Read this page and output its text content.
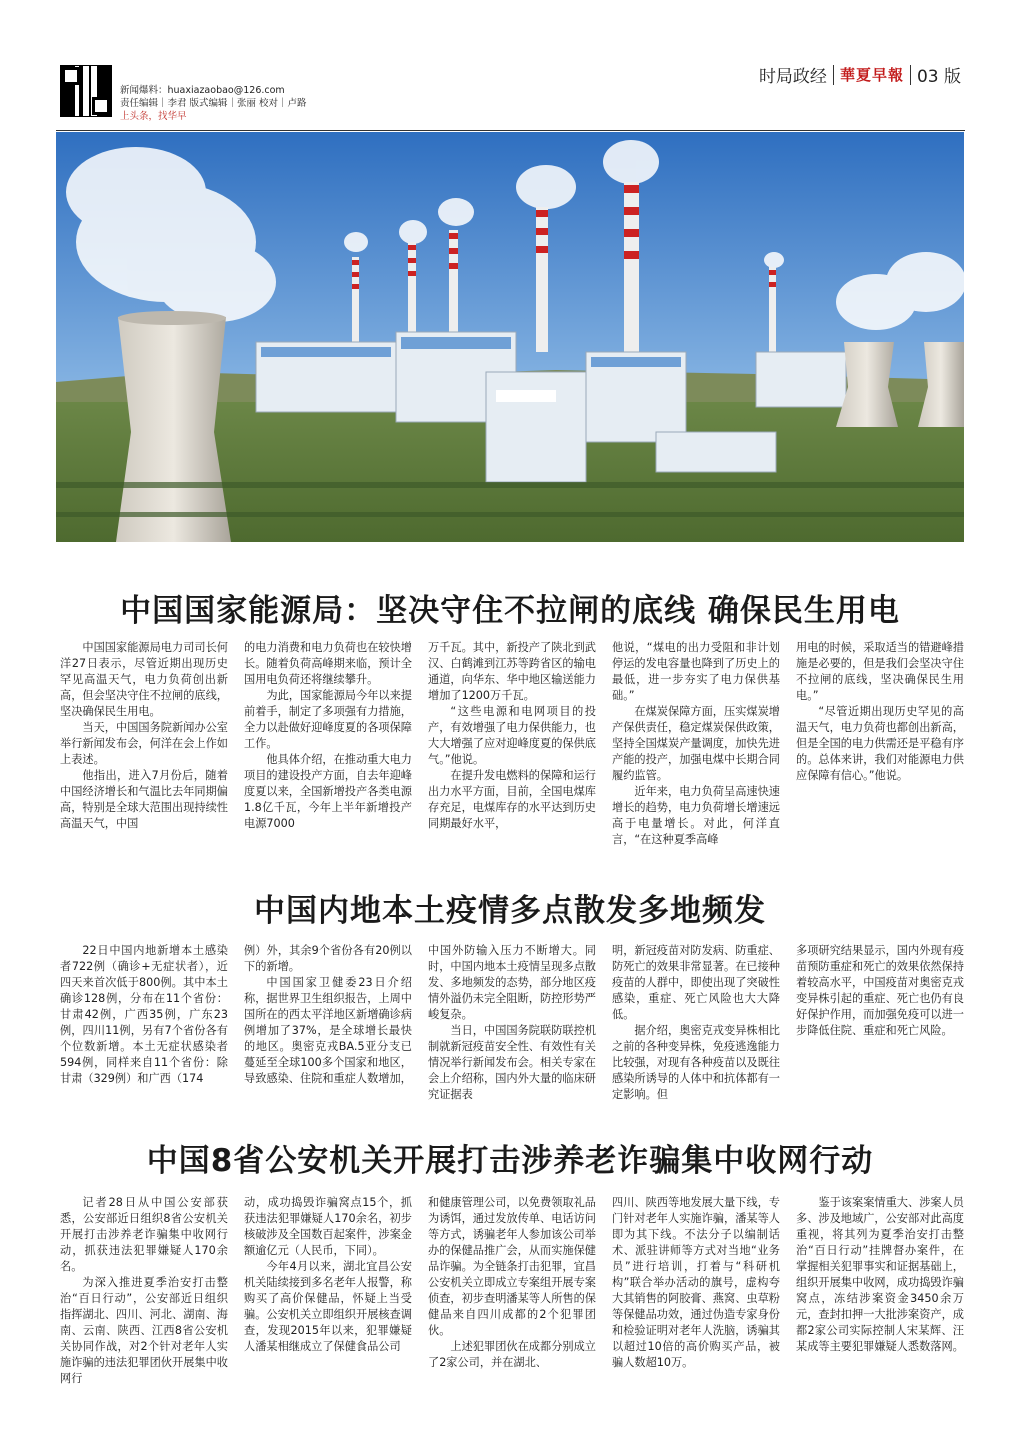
新闻爆料：huaxiazaobao@126.com
责任编辑｜李君 版式编辑｜张丽 校对｜卢路
上头条，找华早
时局政经 華夏早報 03 版
中国国家能源局：坚决守住不拉闸的底线 确保民生用电

中国国家能源局电力司司长何洋27日表示，尽管近期出现历史罕见高温天气，电力负荷创出新高，但会坚决守住不拉闸的底线，坚决确保民生用电。

当天，中国国务院新闻办公室举行新闻发布会，何洋在会上作如上表述。

他指出，进入7月份后，随着中国经济增长和气温比去年同期偏高，特别是全球大范围出现持续性高温天气，中国

的电力消费和电力负荷也在较快增长。随着负荷高峰期来临，预计全国用电负荷还将继续攀升。

为此，国家能源局今年以来提前着手，制定了多项强有力措施，全力以赴做好迎峰度夏的各项保障工作。

他具体介绍，在推动重大电力项目的建设投产方面，自去年迎峰度夏以来，全国新增投产各类电源1.8亿千瓦，今年上半年新增投产电源7000

万千瓦。其中，新投产了陕北到武汉、白鹤滩到江苏等跨省区的输电通道，向华东、华中地区输送能力增加了1200万千瓦。

“这些电源和电网项目的投产，有效增强了电力保供能力，也大大增强了应对迎峰度夏的保供底气。”他说。

在提升发电燃料的保障和运行出力水平方面，目前，全国电煤库存充足，电煤库存的水平达到历史同期最好水平，

他说，“煤电的出力受阻和非计划停运的发电容量也降到了历史上的最低，进一步夯实了电力保供基础。”

在煤炭保障方面，压实煤炭增产保供责任，稳定煤炭保供政策，坚持全国煤炭产量调度，加快先进产能的投产，加强电煤中长期合同履约监管。

近年来，电力负荷呈高速快速增长的趋势，电力负荷增长增速远高于电量增长。对此，何洋直言，“在这种夏季高峰

用电的时候，采取适当的错避峰措施是必要的，但是我们会坚决守住不拉闸的底线，坚决确保民生用电。”

“尽管近期出现历史罕见的高温天气，电力负荷也都创出新高，但是全国的电力供需还是平稳有序的。总体来讲，我们对能源电力供应保障有信心。”他说。

中国内地本土疫情多点散发多地频发

22日中国内地新增本土感染者722例（确诊+无症状者），近四天来首次低于800例。其中本土确诊128例，分布在11个省份：甘肃42例，广西35例，广东23例，四川11例，另有7个省份各有个位数新增。本土无症状感染者594例，同样来自11个省份：除甘肃（329例）和广西（174

例）外，其余9个省份各有20例以下的新增。

中国国家卫健委23日介绍称，据世界卫生组织报告，上周中国所在的西太平洋地区新增确诊病例增加了37%，是全球增长最快的地区。奥密克戎BA.5亚分支已蔓延至全球100多个国家和地区，导致感染、住院和重症人数增加，

中国外防输入压力不断增大。同时，中国内地本土疫情呈现多点散发、多地频发的态势，部分地区疫情外溢仍未完全阻断，防控形势严峻复杂。

当日，中国国务院联防联控机制就新冠疫苗安全性、有效性有关情况举行新闻发布会。相关专家在会上介绍称，国内外大量的临床研究证据表

明，新冠疫苗对防发病、防重症、防死亡的效果非常显著。在已接种疫苗的人群中，即使出现了突破性感染，重症、死亡风险也大大降低。

据介绍，奥密克戎变异株相比之前的各种变异株，免疫逃逸能力比较强，对现有各种疫苗以及既往感染所诱导的人体中和抗体都有一定影响。但

多项研究结果显示，国内外现有疫苗预防重症和死亡的效果依然保持着较高水平，中国疫苗对奥密克戎变异株引起的重症、死亡也仍有良好保护作用，而加强免疫可以进一步降低住院、重症和死亡风险。

中国8省公安机关开展打击涉养老诈骗集中收网行动

记者28日从中国公安部获悉，公安部近日组织8省公安机关开展打击涉养老诈骗集中收网行动，抓获违法犯罪嫌疑人170余名。

为深入推进夏季治安打击整治“百日行动”，公安部近日组织指挥湖北、四川、河北、湖南、海南、云南、陕西、江西8省公安机关协同作战，对2个针对老年人实施诈骗的违法犯罪团伙开展集中收网行

动，成功捣毁诈骗窝点15个，抓获违法犯罪嫌疑人170余名，初步核破涉及全国数百起案件，涉案金额逾亿元（人民币，下同）。

今年4月以来，湖北宜昌公安机关陆续接到多名老年人报警，称购买了高价保健品，怀疑上当受骗。公安机关立即组织开展核查调查，发现2015年以来，犯罪嫌疑人潘某相继成立了保健食品公司

和健康管理公司，以免费领取礼品为诱饵，通过发放传单、电话访问等方式，诱骗老年人参加该公司举办的保健品推广会，从而实施保健品诈骗。为全链条打击犯罪，宜昌公安机关立即成立专案组开展专案侦查，初步查明潘某等人所售的保健品来自四川成都的2个犯罪团伙。

上述犯罪团伙在成都分别成立了2家公司，并在湖北、

四川、陕西等地发展大量下线，专门针对老年人实施诈骗，潘某等人即为其下线。不法分子以编制话术、派驻讲师等方式对当地“业务员”进行培训，打着与“科研机构”联合举办活动的旗号，虚构夸大其销售的阿胶膏、燕窝、虫草粉等保健品功效，通过伪造专家身份和检验证明对老年人洗脑，诱骗其以超过10倍的高价购买产品，被骗人数超10万。

鉴于该案案情重大、涉案人员多、涉及地域广，公安部对此高度重视，将其列为夏季治安打击整治“百日行动”挂牌督办案件，在掌握相关犯罪事实和证据基础上，组织开展集中收网，成功捣毁诈骗窝点，冻结涉案资金3450余万元，查封扣押一大批涉案资产，成都2家公司实际控制人宋某辉、汪某成等主要犯罪嫌疑人悉数落网。
